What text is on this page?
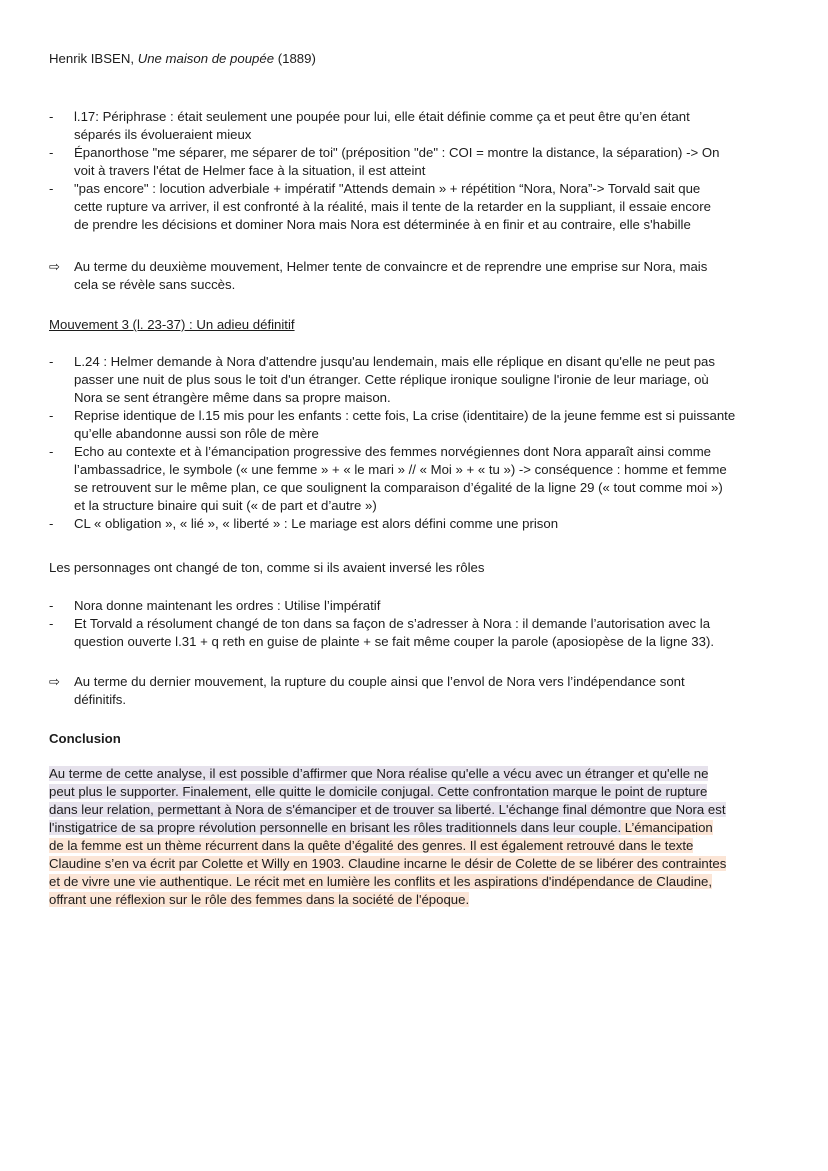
Henrik IBSEN, Une maison de poupée (1889)
-	l.17: Périphrase : était seulement une poupée pour lui, elle était définie comme ça et peut être qu’en étant
séparés ils évolueraient mieux
-	Épanorthose "me séparer, me séparer de toi" (préposition "de" : COI = montre la distance, la séparation) -> On
voit à travers l'état de Helmer face à la situation, il est atteint
-	"pas encore" : locution adverbiale + impératif "Attends demain » + répétition “Nora, Nora”-> Torvald sait que
cette rupture va arriver, il est confronté à la réalité, mais il tente de la retarder en la suppliant, il essaie encore
de prendre les décisions et dominer Nora mais Nora est déterminée à en finir et au contraire, elle s'habille
⇨ Au terme du deuxième mouvement, Helmer tente de convaincre et de reprendre une emprise sur Nora, mais
cela se révèle sans succès.
Mouvement 3 (l. 23-37) : Un adieu définitif
-	L.24 : Helmer demande à Nora d'attendre jusqu'au lendemain, mais elle réplique en disant qu'elle ne peut pas
passer une nuit de plus sous le toit d'un étranger. Cette réplique ironique souligne l'ironie de leur mariage, où
Nora se sent étrangère même dans sa propre maison.
-	Reprise identique de l.15 mis pour les enfants : cette fois, La crise (identitaire) de la jeune femme est si puissante
qu’elle abandonne aussi son rôle de mère
-	Echo au contexte et à l’émancipation progressive des femmes norvégiennes dont Nora apparaît ainsi comme
l’ambassadrice, le symbole (« une femme » + « le mari » // « Moi » + « tu ») -> conséquence : homme et femme
se retrouvent sur le même plan, ce que soulignent la comparaison d’égalité de la ligne 29 (« tout comme moi »)
et la structure binaire qui suit (« de part et d’autre »)
-	CL « obligation », « lié », « liberté » : Le mariage est alors défini comme une prison
Les personnages ont changé de ton, comme si ils avaient inversé les rôles
-	Nora donne maintenant les ordres : Utilise l’impératif
-	Et Torvald a résolument changé de ton dans sa façon de s’adresser à Nora : il demande l’autorisation avec la
question ouverte l.31 + q reth en guise de plainte + se fait même couper la parole (aposiopèse de la ligne 33).
⇨ Au terme du dernier mouvement, la rupture du couple ainsi que l’envol de Nora vers l’indépendance sont
définitifs.
Conclusion
Au terme de cette analyse, il est possible d’affirmer que Nora réalise qu'elle a vécu avec un étranger et qu'elle ne
peut plus le supporter. Finalement, elle quitte le domicile conjugal. Cette confrontation marque le point de rupture
dans leur relation, permettant à Nora de s'émanciper et de trouver sa liberté. L'échange final démontre que Nora est
l'instigatrice de sa propre révolution personnelle en brisant les rôles traditionnels dans leur couple. L’émancipation
de la femme est un thème récurrent dans la quête d’égalité des genres. Il est également retrouvé dans le texte
Claudine s’en va écrit par Colette et Willy en 1903. Claudine incarne le désir de Colette de se libérer des contraintes
et de vivre une vie authentique. Le récit met en lumière les conflits et les aspirations d'indépendance de Claudine,
offrant une réflexion sur le rôle des femmes dans la société de l'époque.
